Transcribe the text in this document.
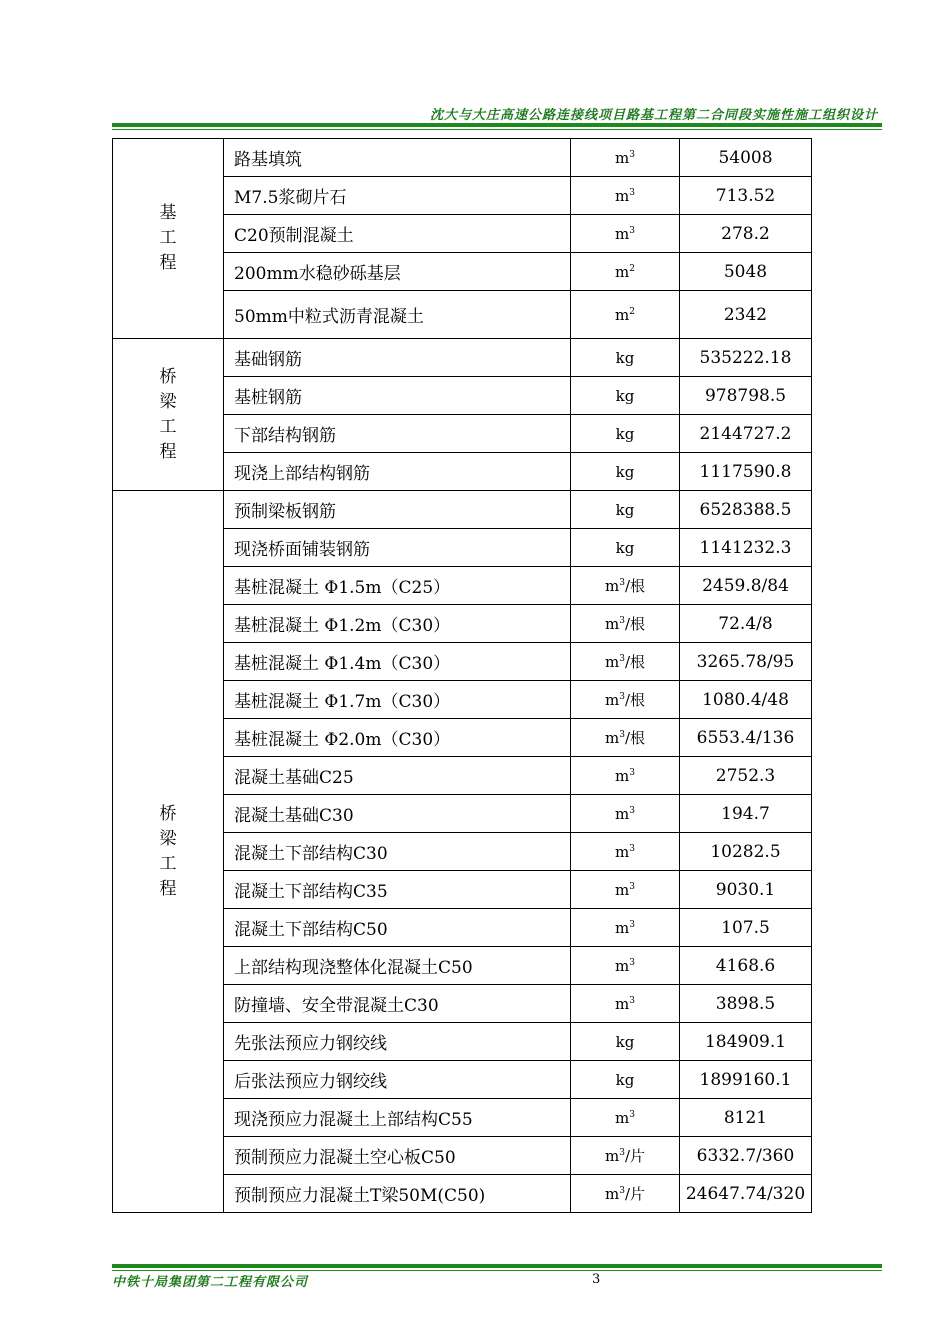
沈大与大庄高速公路连接线项目路基工程第二合同段实施性施工组织设计
基
工
程	路基填筑	$m^3$	54008
	M7.5浆砌片石	$m^3$	713.52
	C20预制混凝土	$m^3$	278.2
	200mm水稳砂砾基层	$m^2$	5048
	50mm中粒式沥青混凝土	$m^2$	2342
桥
梁
工
程	基础钢筋	kg	535222.18
	基桩钢筋	kg	978798.5
	下部结构钢筋	kg	2144727.2
	现浇上部结构钢筋	kg	1117590.8
桥
梁
工
程	预制梁板钢筋	kg	6528388.5
	现浇桥面铺装钢筋	kg	1141232.3
	基桩混凝土 Φ1.5m（C25）	$m^3/$根	2459.8/84
	基桩混凝土 Φ1.2m（C30）	$m^3/$根	72.4/8
	基桩混凝土 Φ1.4m（C30）	$m^3/$根	3265.78/95
	基桩混凝土 Φ1.7m（C30）	$m^3/$根	1080.4/48
	基桩混凝土 Φ2.0m（C30）	$m^3/$根	6553.4/136
	混凝土基础C25	$m^3$	2752.3
	混凝土基础C30	$m^3$	194.7
	混凝土下部结构C30	$m^3$	10282.5
	混凝土下部结构C35	$m^3$	9030.1
	混凝土下部结构C50	$m^3$	107.5
	上部结构现浇整体化混凝土C50	$m^3$	4168.6
	防撞墙、安全带混凝土C30	$m^3$	3898.5
	先张法预应力钢绞线	kg	184909.1
	后张法预应力钢绞线	kg	1899160.1
	现浇预应力混凝土上部结构C55	$m^3$	8121
	预制预应力混凝土空心板C50	$m^3/$片	6332.7/360
	预制预应力混凝土T梁50M(C50)	$m^3/$片	24647.74/320
中铁十局集团第二工程有限公司	3
